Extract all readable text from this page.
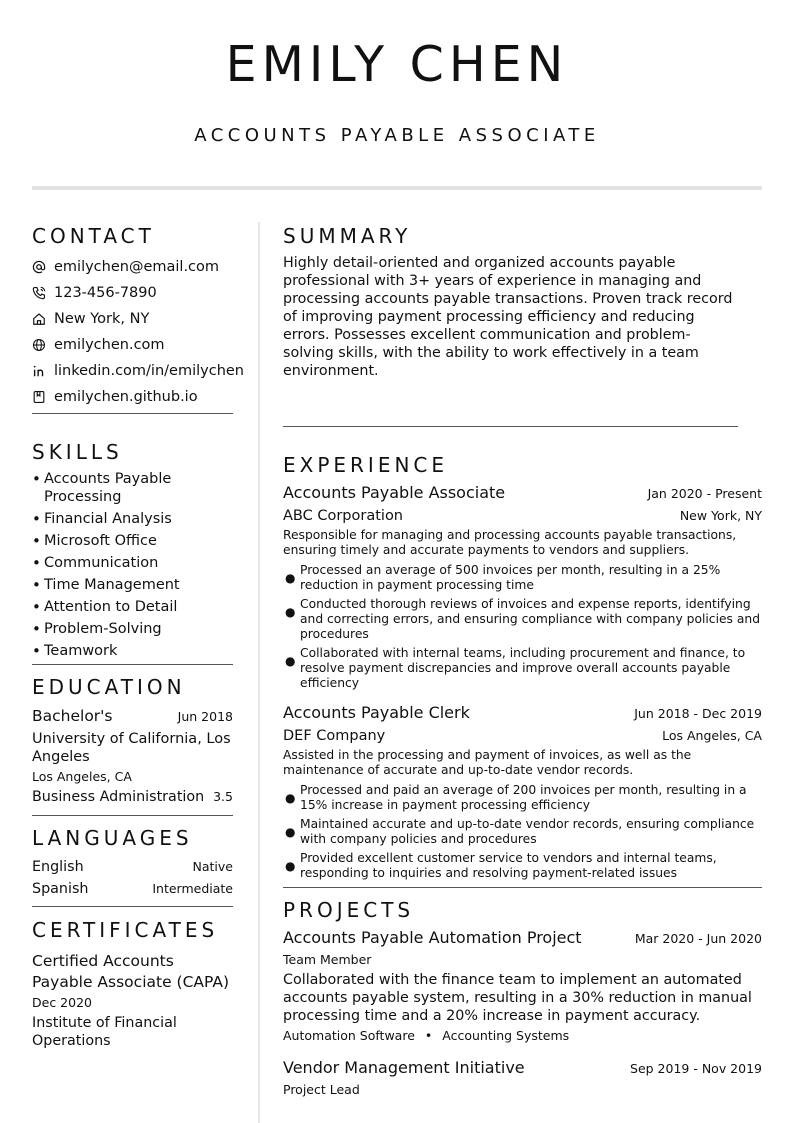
EMILY CHEN
ACCOUNTS PAYABLE ASSOCIATE
CONTACT
emilychen@email.com
123-456-7890
New York, NY
emilychen.com
linkedin.com/in/emilychen
emilychen.github.io
SKILLS
• Accounts Payable Processing
• Financial Analysis
• Microsoft Office
• Communication
• Time Management
• Attention to Detail
• Problem-Solving
• Teamwork
EDUCATION
Bachelor's	Jun 2018
University of California, Los Angeles
Los Angeles, CA
Business Administration 3.5
LANGUAGES
English	Native
Spanish	Intermediate
CERTIFICATES
Certified Accounts Payable Associate (CAPA)
Dec 2020
Institute of Financial Operations
SUMMARY
Highly detail-oriented and organized accounts payable professional with 3+ years of experience in managing and processing accounts payable transactions. Proven track record of improving payment processing efficiency and reducing errors. Possesses excellent communication and problem-solving skills, with the ability to work effectively in a team environment.
EXPERIENCE
Accounts Payable Associate	Jan 2020 - Present
ABC Corporation	New York, NY
Responsible for managing and processing accounts payable transactions, ensuring timely and accurate payments to vendors and suppliers.
●
Processed an average of 500 invoices per month, resulting in a 25% reduction in payment processing time
●
Conducted thorough reviews of invoices and expense reports, identifying and correcting errors, and ensuring compliance with company policies and procedures
●
Collaborated with internal teams, including procurement and finance, to resolve payment discrepancies and improve overall accounts payable efficiency
Accounts Payable Clerk	Jun 2018 - Dec 2019
DEF Company	Los Angeles, CA
Assisted in the processing and payment of invoices, as well as the maintenance of accurate and up-to-date vendor records.
●
Processed and paid an average of 200 invoices per month, resulting in a 15% increase in payment processing efficiency
●
Maintained accurate and up-to-date vendor records, ensuring compliance with company policies and procedures
●
Provided excellent customer service to vendors and internal teams, responding to inquiries and resolving payment-related issues
PROJECTS
Accounts Payable Automation Project	Mar 2020 - Jun 2020
Team Member
Collaborated with the finance team to implement an automated accounts payable system, resulting in a 30% reduction in manual processing time and a 20% increase in payment accuracy.
Automation Software • Accounting Systems
Vendor Management Initiative	Sep 2019 - Nov 2019
Project Lead
